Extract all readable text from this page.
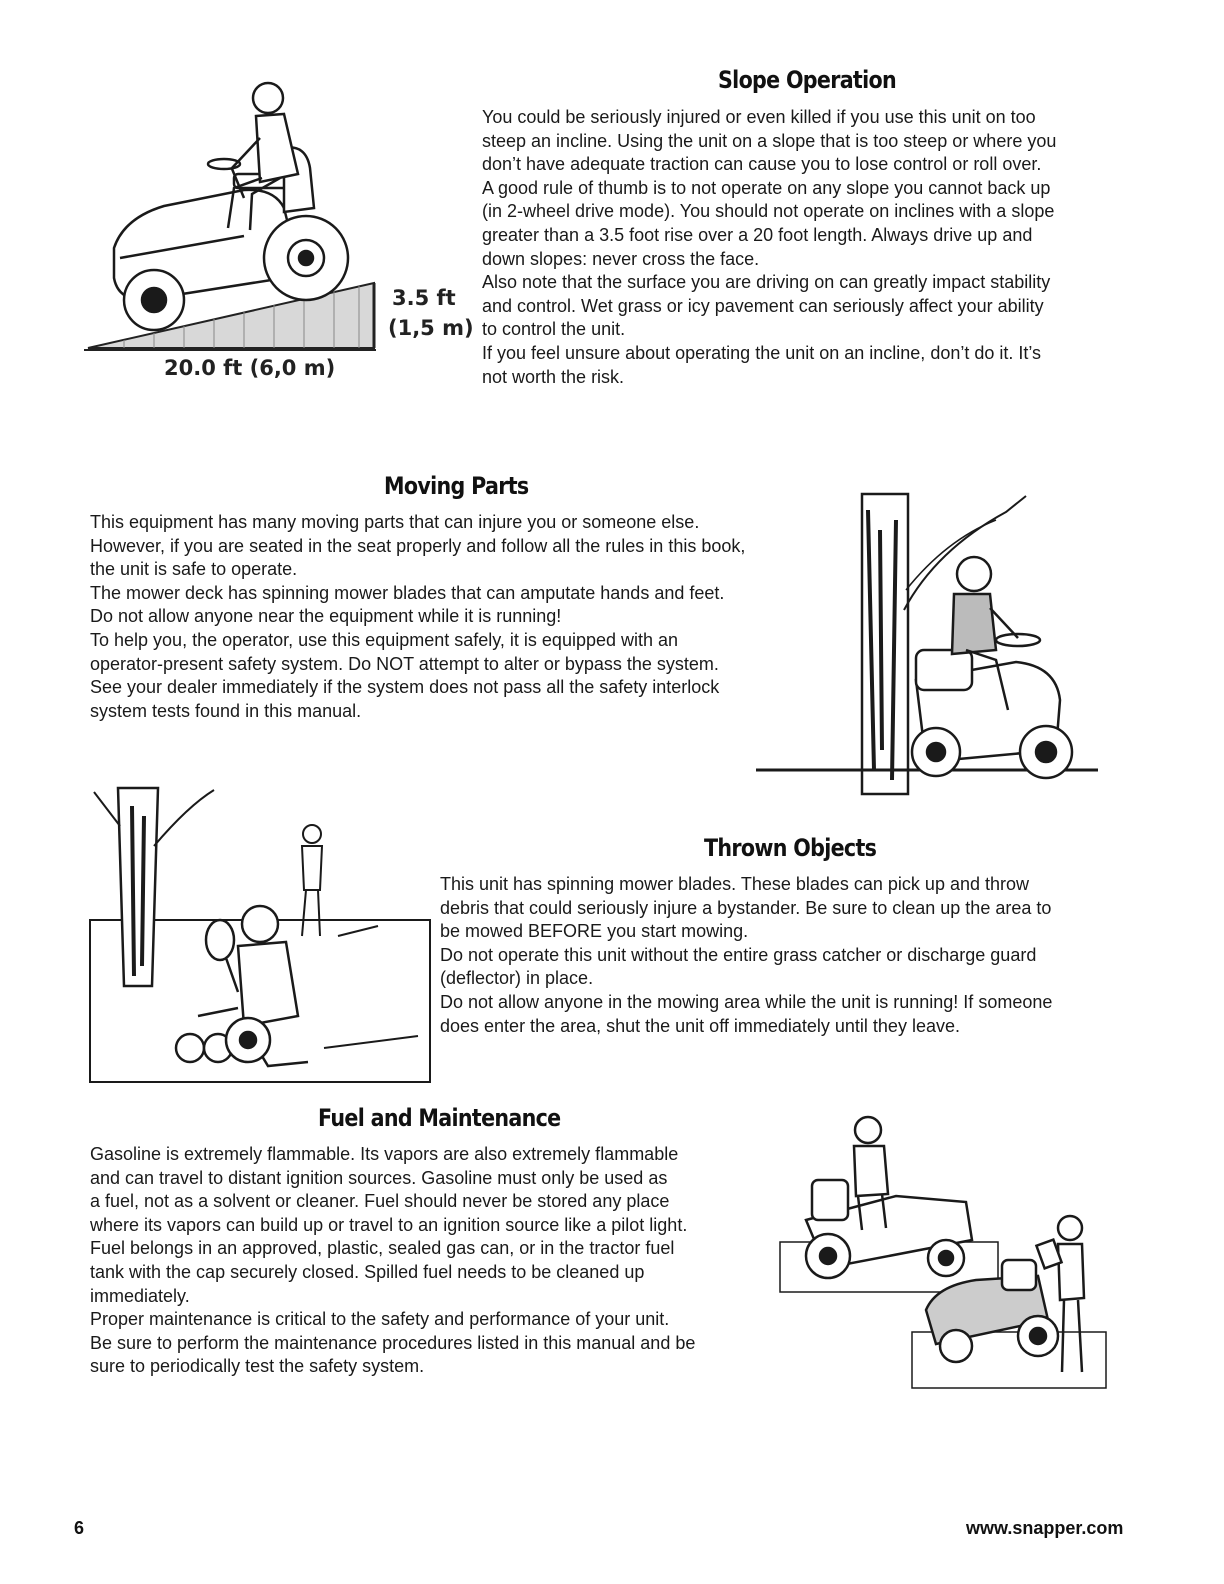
3.5 ft
(1,5 m)
20.0 ft (6,0 m)
Slope Operation
You could be seriously injured or even killed if you use this unit on too
steep an incline. Using the unit on a slope that is too steep or where you
don’t have adequate traction can cause you to lose control or roll over.
A good rule of thumb is to not operate on any slope you cannot back up
(in 2-wheel drive mode). You should not operate on inclines with a slope
greater than a 3.5 foot rise over a 20 foot length. Always drive up and
down slopes: never cross the face.
Also note that the surface you are driving on can greatly impact stability
and control. Wet grass or icy pavement can seriously affect your ability
to control the unit.
If you feel unsure about operating the unit on an incline, don’t do it. It’s
not worth the risk.
Moving Parts
This equipment has many moving parts that can injure you or someone else.
However, if you are seated in the seat properly and follow all the rules in this book,
the unit is safe to operate.
The mower deck has spinning mower blades that can amputate hands and feet.
Do not allow anyone near the equipment while it is running!
To help you, the operator, use this equipment safely, it is equipped with an
operator-present safety system. Do NOT attempt to alter or bypass the system.
See your dealer immediately if the system does not pass all the safety interlock
system tests found in this manual.
Thrown Objects
This unit has spinning mower blades. These blades can pick up and throw
debris that could seriously injure a bystander. Be sure to clean up the area to
be mowed BEFORE you start mowing.
Do not operate this unit without the entire grass catcher or discharge guard
(deflector) in place.
Do not allow anyone in the mowing area while the unit is running! If someone
does enter the area, shut the unit off immediately until they leave.
Fuel and Maintenance
Gasoline is extremely flammable. Its vapors are also extremely flammable
and can travel to distant ignition sources. Gasoline must only be used as
a fuel, not as a solvent or cleaner. Fuel should never be stored any place
where its vapors can build up or travel to an ignition source like a pilot light.
Fuel belongs in an approved, plastic, sealed gas can, or in the tractor fuel
tank with the cap securely closed. Spilled fuel needs to be cleaned up
immediately.
Proper maintenance is critical to the safety and performance of your unit.
Be sure to perform the maintenance procedures listed in this manual and be
sure to periodically test the safety system.
6	www.snapper.com
